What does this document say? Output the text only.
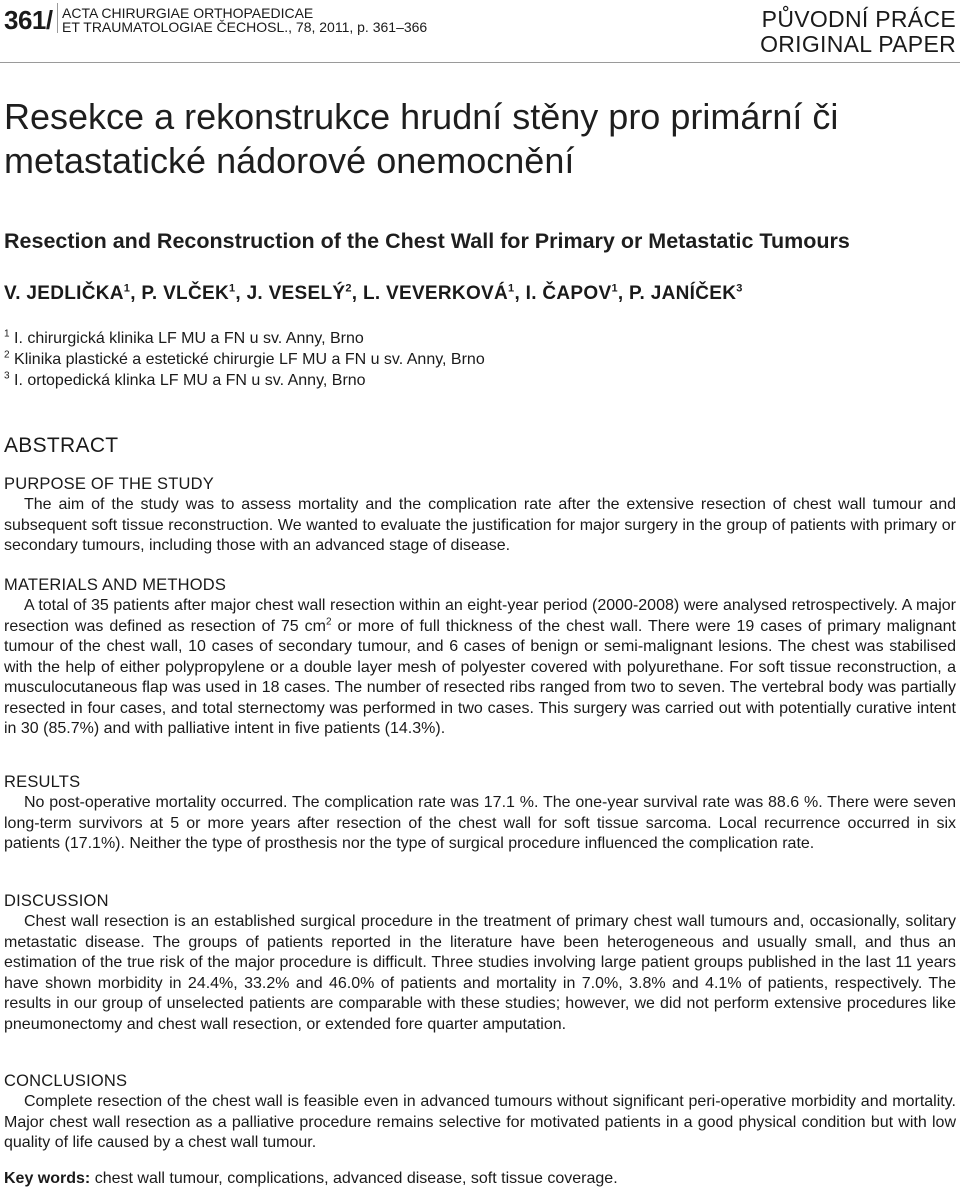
361/ ACTA CHIRURGIAE ORTHOPAEDICAE
ET TRAUMATOLOGIAE ČECHOSL., 78, 2011, p. 361–366	PŮVODNÍ PRÁCE
ORIGINAL PAPER
Resekce a rekonstrukce hrudní stěny pro primární či metastatické nádorové onemocnění
Resection and Reconstruction of the Chest Wall for Primary or Metastatic Tumours
V. JEDLIČKA$^1$, P. VLČEK$^1$, J. VESELÝ$^2$, L. VEVERKOVÁ$^1$, I. ČAPOV$^1$, P. JANÍČEK$^3$
$^1$ I. chirurgická klinika LF MU a FN u sv. Anny, Brno
$^2$ Klinika plastické a estetické chirurgie LF MU a FN u sv. Anny, Brno
$^3$ I. ortopedická klinka LF MU a FN u sv. Anny, Brno
ABSTRACT
PURPOSE OF THE STUDY

The aim of the study was to assess mortality and the complication rate after the extensive resection of chest wall tumour and subsequent soft tissue reconstruction. We wanted to evaluate the justification for major surgery in the group of patients with primary or secondary tumours, including those with an advanced stage of disease.

MATERIALS AND METHODS

A total of 35 patients after major chest wall resection within an eight-year period (2000-2008) were analysed retrospectively. A major resection was defined as resection of 75 $cm^2$ or more of full thickness of the chest wall. There were 19 cases of primary malignant tumour of the chest wall, 10 cases of secondary tumour, and 6 cases of benign or semi-malignant lesions. The chest was stabilised with the help of either polypropylene or a double layer mesh of polyester covered with polyurethane. For soft tissue reconstruction, a musculocutaneous flap was used in 18 cases. The number of resected ribs ranged from two to seven. The vertebral body was partially resected in four cases, and total sternectomy was performed in two cases. This surgery was carried out with potentially curative intent in 30 (85.7%) and with palliative intent in five patients (14.3%).

RESULTS

No post-operative mortality occurred. The complication rate was 17.1 %. The one-year survival rate was 88.6 %. There were seven long-term survivors at 5 or more years after resection of the chest wall for soft tissue sarcoma. Local recurrence occurred in six patients (17.1%). Neither the type of prosthesis nor the type of surgical procedure influenced the complication rate.

DISCUSSION

Chest wall resection is an established surgical procedure in the treatment of primary chest wall tumours and, occasionally, solitary metastatic disease. The groups of patients reported in the literature have been heterogeneous and usually small, and thus an estimation of the true risk of the major procedure is difficult. Three studies involving large patient groups published in the last 11 years have shown morbidity in 24.4%, 33.2% and 46.0% of patients and mortality in 7.0%, 3.8% and 4.1% of patients, respectively. The results in our group of unselected patients are comparable with these studies; however, we did not perform extensive procedures like pneumonectomy and chest wall resection, or extended fore quarter amputation.

CONCLUSIONS

Complete resection of the chest wall is feasible even in advanced tumours without significant peri-operative morbidity and mortality. Major chest wall resection as a palliative procedure remains selective for motivated patients in a good physical condition but with low quality of life caused by a chest wall tumour.

Key words: chest wall tumour, complications, advanced disease, soft tissue coverage.
